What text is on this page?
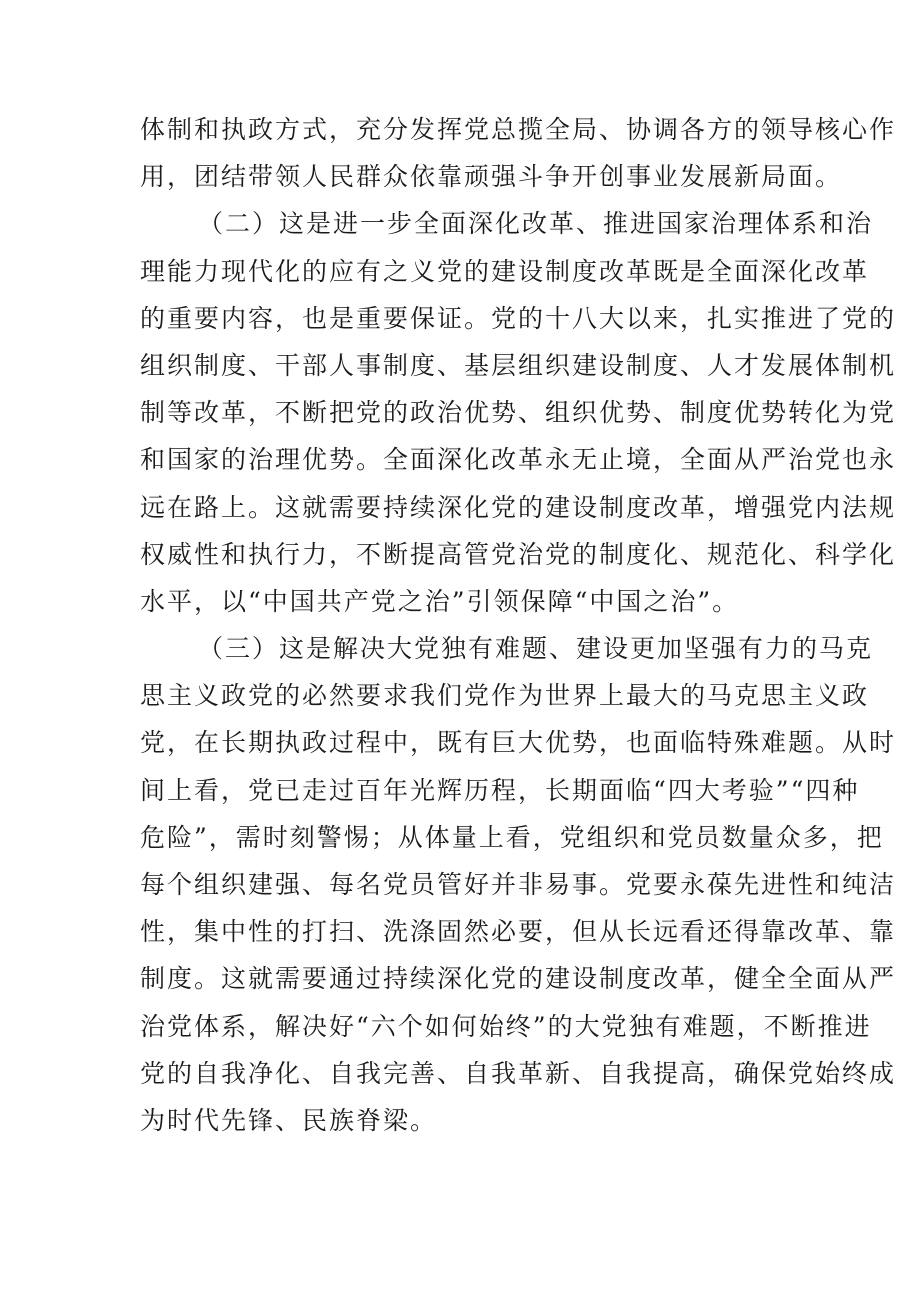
体制和执政方式，充分发挥党总揽全局、协调各方的领导核心作
用，团结带领人民群众依靠顽强斗争开创事业发展新局面。
（二）这是进一步全面深化改革、推进国家治理体系和治
理能力现代化的应有之义党的建设制度改革既是全面深化改革
的重要内容，也是重要保证。党的十八大以来，扎实推进了党的
组织制度、干部人事制度、基层组织建设制度、人才发展体制机
制等改革，不断把党的政治优势、组织优势、制度优势转化为党
和国家的治理优势。全面深化改革永无止境，全面从严治党也永
远在路上。这就需要持续深化党的建设制度改革，增强党内法规
权威性和执行力，不断提高管党治党的制度化、规范化、科学化
水平，以“中国共产党之治”引领保障“中国之治”。
（三）这是解决大党独有难题、建设更加坚强有力的马克
思主义政党的必然要求我们党作为世界上最大的马克思主义政
党，在长期执政过程中，既有巨大优势，也面临特殊难题。从时
间上看，党已走过百年光辉历程，长期面临“四大考验”“四种
危险”，需时刻警惕；从体量上看，党组织和党员数量众多，把
每个组织建强、每名党员管好并非易事。党要永葆先进性和纯洁
性，集中性的打扫、洗涤固然必要，但从长远看还得靠改革、靠
制度。这就需要通过持续深化党的建设制度改革，健全全面从严
治党体系，解决好“六个如何始终”的大党独有难题，不断推进
党的自我净化、自我完善、自我革新、自我提高，确保党始终成
为时代先锋、民族脊梁。
